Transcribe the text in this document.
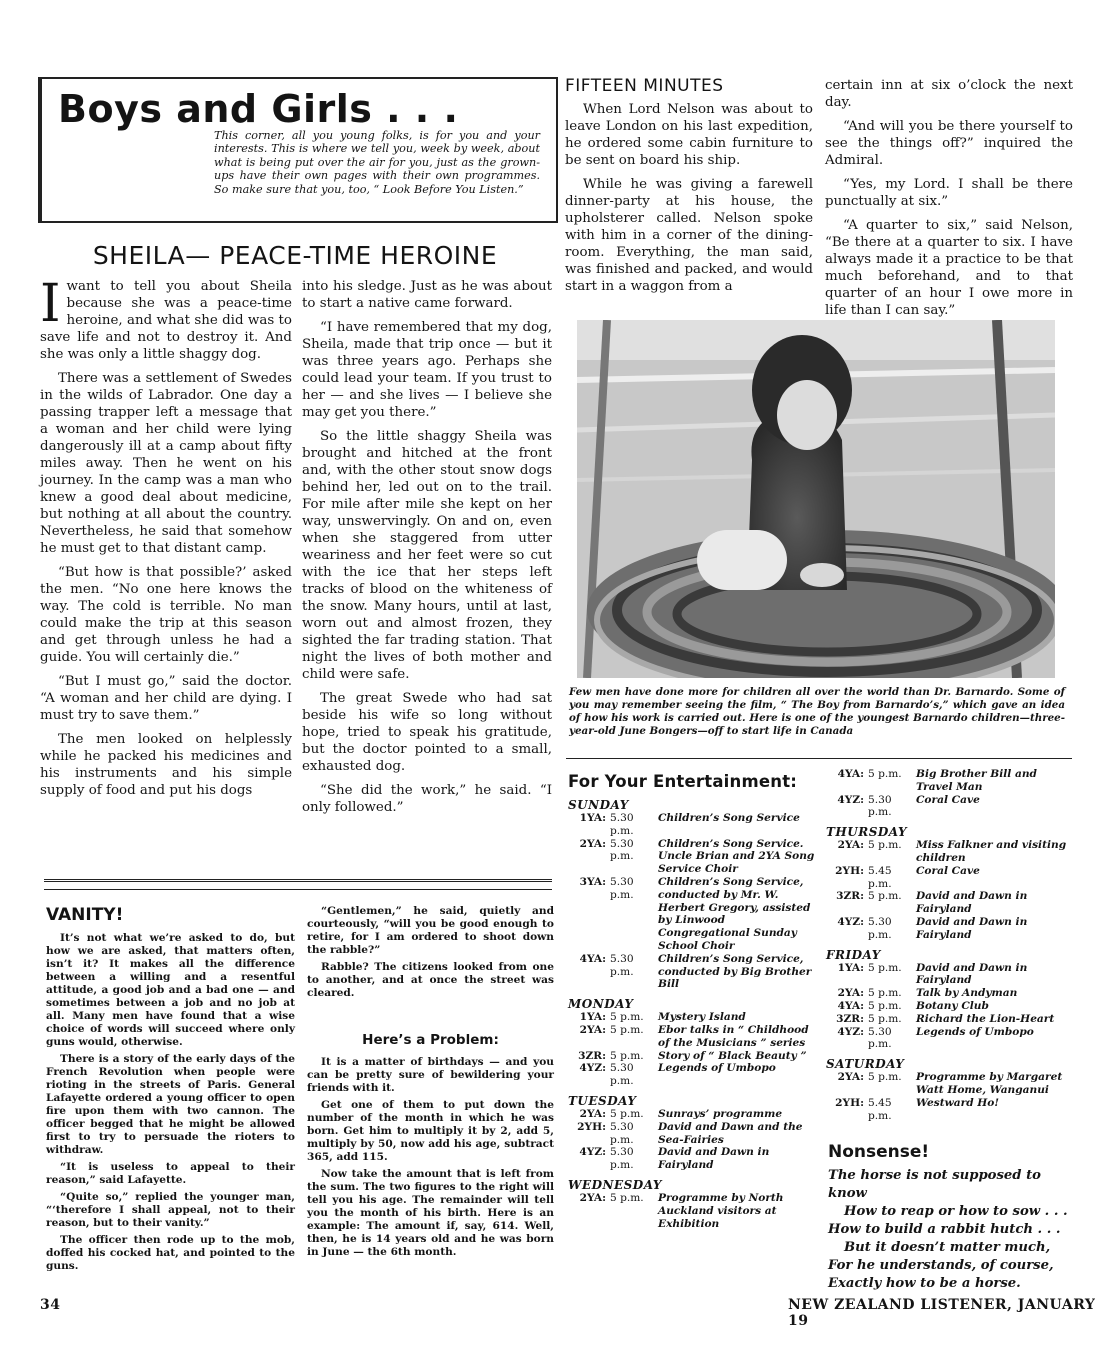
Boys and Girls . . .
This corner, all you young folks, is for you and your interests. This is where we tell you, week by week, about what is being put over the air for you, just as the grown-ups have their own pages with their own programmes. So make sure that you, too, “ Look Before You Listen.”
SHEILA— PEACE-TIME HEROINE
I want to tell you about Sheila because she was a peace-time heroine, and what she did was to save life and not to destroy it. And she was only a little shaggy dog.

There was a settlement of Swedes in the wilds of Labrador. One day a passing trapper left a message that a woman and her child were lying dangerously ill at a camp about fifty miles away. Then he went on his journey. In the camp was a man who knew a good deal about medicine, but nothing at all about the country. Nevertheless, he said that somehow he must get to that distant camp.

“But how is that possible?’ asked the men. “No one here knows the way. The cold is terrible. No man could make the trip at this season and get through unless he had a guide. You will certainly die.”

“But I must go,” said the doctor. “A woman and her child are dying. I must try to save them.”

The men looked on helplessly while he packed his medicines and his instruments and his simple supply of food and put his dogs

into his sledge. Just as he was about to start a native came forward.

“I have remembered that my dog, Sheila, made that trip once — but it was three years ago. Perhaps she could lead your team. If you trust to her — and she lives — I believe she may get you there.”

So the little shaggy Sheila was brought and hitched at the front and, with the other stout snow dogs behind her, led out on to the trail. For mile after mile she kept on her way, unswervingly. On and on, even when she staggered from utter weariness and her feet were so cut with the ice that her steps left tracks of blood on the whiteness of the snow. Many hours, until at last, worn out and almost frozen, they sighted the far trading station. That night the lives of both mother and child were safe.

The great Swede who had sat beside his wife so long without hope, tried to speak his gratitude, but the doctor pointed to a small, exhausted dog.

“She did the work,” he said. “I only followed.”

FIFTEEN MINUTES

When Lord Nelson was about to leave London on his last expedition, he ordered some cabin furniture to be sent on board his ship.

While he was giving a farewell dinner-party at his house, the upholsterer called. Nelson spoke with him in a corner of the dining-room. Everything, the man said, was finished and packed, and would start in a waggon from a

certain inn at six o’clock the next day.

“And will you be there yourself to see the things off?” inquired the Admiral.

“Yes, my Lord. I shall be there punctually at six.”

“A quarter to six,” said Nelson, “Be there at a quarter to six. I have always made it a practice to be that much beforehand, and to that quarter of an hour I owe more in life than I can say.”

Few men have done more for children all over the world than Dr. Barnardo. Some of you may remember seeing the film, “ The Boy from Barnardo’s,” which gave an idea of how his work is carried out. Here is one of the youngest Barnardo children—three-year-old June Bongers—off to start life in Canada
VANITY!

It’s not what we’re asked to do, but how we are asked, that matters often, isn’t it? It makes all the difference between a willing and a resentful attitude, a good job and a bad one — and sometimes between a job and no job at all. Many men have found that a wise choice of words will succeed where only guns would, otherwise.

There is a story of the early days of the French Revolution when people were rioting in the streets of Paris. General Lafayette ordered a young officer to open fire upon them with two cannon. The officer begged that he might be allowed first to try to persuade the rioters to withdraw.

“It is useless to appeal to their reason,” said Lafayette.

“Quite so,” replied the younger man, “‘therefore I shall appeal, not to their reason, but to their vanity.”

The officer then rode up to the mob, doffed his cocked hat, and pointed to the guns.

“Gentlemen,” he said, quietly and courteously, “will you be good enough to retire, for I am ordered to shoot down the rabble?”

Rabble? The citizens looked from one to another, and at once the street was cleared.

Here’s a Problem:

It is a matter of birthdays — and you can be pretty sure of bewildering your friends with it.

Get one of them to put down the number of the month in which he was born. Get him to multiply it by 2, add 5, multiply by 50, now add his age, subtract 365, add 115.

Now take the amount that is left from the sum. The two figures to the right will tell you his age. The remainder will tell you the month of his birth. Here is an example: The amount if, say, 614. Well, then, he is 14 years old and he was born in June — the 6th month.

For Your Entertainment:
SUNDAY
1YA: 5.30 p.m.
Children’s Song Service
2YA: 5.30 p.m.
Children’s Song Service. Uncle Brian and 2YA Song Service Choir
3YA: 5.30 p.m.
Children’s Song Service, conducted by Mr. W. Herbert Gregory, assisted by Linwood Congregational Sunday School Choir
4YA: 5.30 p.m.
Children’s Song Service, conducted by Big Brother Bill
MONDAY
1YA: 5 p.m.	Mystery Island
2YA: 5 p.m.	Ebor talks in “ Childhood of the Musicians ” series
3ZR: 5 p.m.	Story of “ Black Beauty ”
4YZ: 5.30 p.m.
Legends of Umbopo
TUESDAY
2YA: 5 p.m.	Sunrays’ programme
2YH: 5.30 p.m.
David and Dawn and the Sea-Fairies
4YZ: 5.30 p.m.
David and Dawn in Fairyland
WEDNESDAY
2YA: 5 p.m.	Programme by North Auckland visitors at Exhibition
4YA: 5 p.m.	Big Brother Bill and Travel Man
4YZ: 5.30 p.m.
Coral Cave
THURSDAY
2YA: 5 p.m.	Miss Falkner and visiting children
2YH: 5.45 p.m.
Coral Cave
3ZR: 5 p.m.	David and Dawn in Fairyland
4YZ: 5.30 p.m.
David and Dawn in Fairyland
FRIDAY
1YA: 5 p.m.	David and Dawn in Fairyland
2YA: 5 p.m.	Talk by Andyman
4YA: 5 p.m.	Botany Club
3ZR: 5 p.m.	Richard the Lion-Heart
4YZ: 5.30 p.m.
Legends of Umbopo
SATURDAY
2YA: 5 p.m.	Programme by Margaret Watt Home, Wanganui
2YH: 5.45 p.m.
Westward Ho!
Nonsense!
The horse is not supposed to know
How to reap or how to sow . . .
How to build a rabbit hutch . . .
But it doesn’t matter much,
For he understands, of course,
Exactly how to be a horse.
34	NEW ZEALAND LISTENER, JANUARY 19
